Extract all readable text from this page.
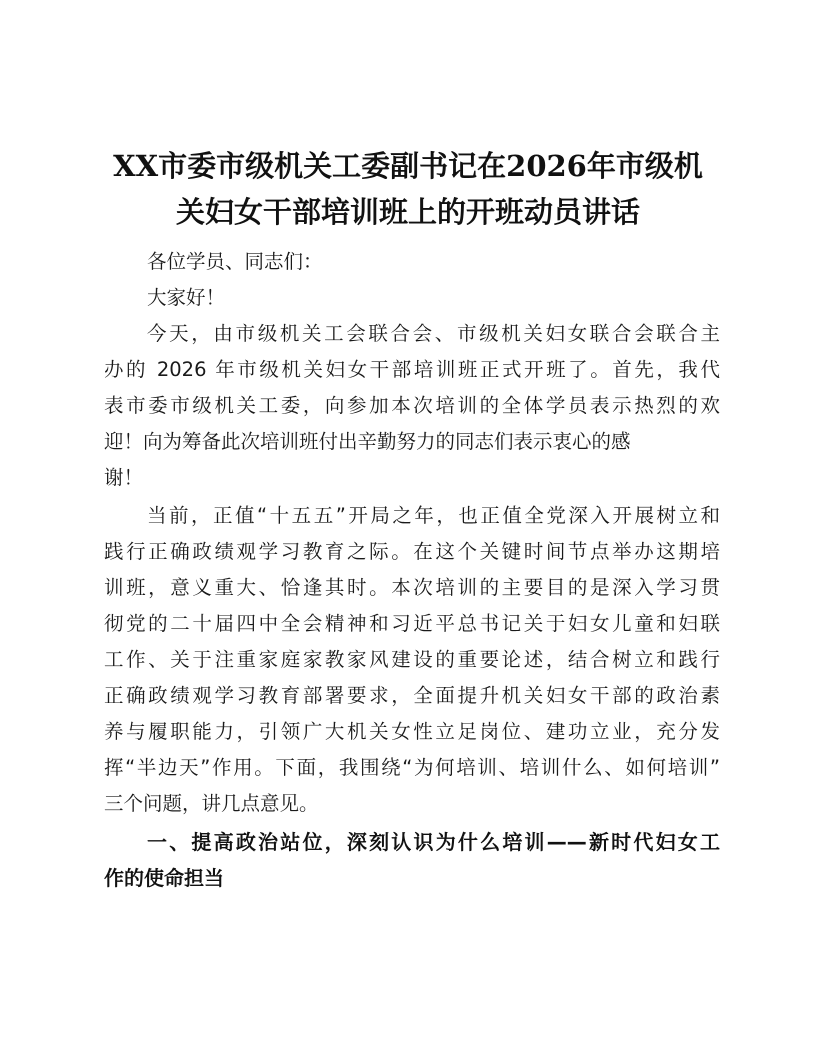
XX市委市级机关工委副书记在2026年市级机
关妇女干部培训班上的开班动员讲话

各位学员、同志们：

大家好！

今天，由市级机关工会联合会、市级机关妇女联合会联合主
办的 2026 年市级机关妇女干部培训班正式开班了。首先，我代
表市委市级机关工委，向参加本次培训的全体学员表示热烈的欢
迎！向为筹备此次培训班付出辛勤努力的同志们表示衷心的感
谢！

当前，正值“十五五”开局之年，也正值全党深入开展树立和
践行正确政绩观学习教育之际。在这个关键时间节点举办这期培
训班，意义重大、恰逢其时。本次培训的主要目的是深入学习贯
彻党的二十届四中全会精神和习近平总书记关于妇女儿童和妇联
工作、关于注重家庭家教家风建设的重要论述，结合树立和践行
正确政绩观学习教育部署要求，全面提升机关妇女干部的政治素
养与履职能力，引领广大机关女性立足岗位、建功立业，充分发
挥“半边天”作用。下面，我围绕“为何培训、培训什么、如何培训”
三个问题，讲几点意见。

一、提高政治站位，深刻认识为什么培训——新时代妇女工
作的使命担当
